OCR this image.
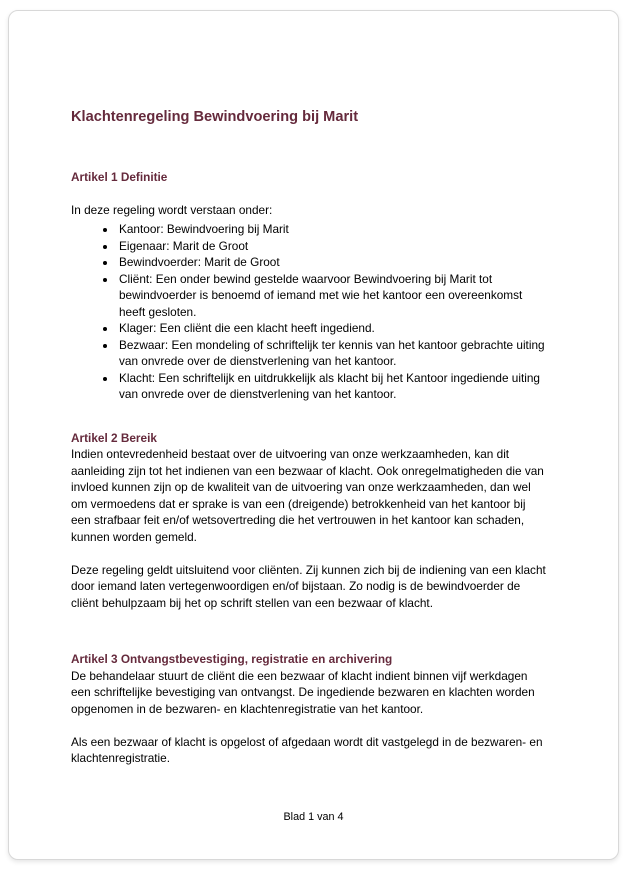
Klachtenregeling Bewindvoering bij Marit
Artikel 1 Definitie
In deze regeling wordt verstaan onder:
• Kantoor: Bewindvoering bij Marit
• Eigenaar: Marit de Groot
• Bewindvoerder: Marit de Groot
• Cliënt: Een onder bewind gestelde waarvoor Bewindvoering bij Marit tot bewindvoerder is benoemd of iemand met wie het kantoor een overeenkomst heeft gesloten.
• Klager: Een cliënt die een klacht heeft ingediend.
• Bezwaar: Een mondeling of schriftelijk ter kennis van het kantoor gebrachte uiting van onvrede over de dienstverlening van het kantoor.
• Klacht: Een schriftelijk en uitdrukkelijk als klacht bij het Kantoor ingediende uiting van onvrede over de dienstverlening van het kantoor.
Artikel 2 Bereik

Indien ontevredenheid bestaat over de uitvoering van onze werkzaamheden, kan dit aanleiding zijn tot het indienen van een bezwaar of klacht. Ook onregelmatigheden die van invloed kunnen zijn op de kwaliteit van de uitvoering van onze werkzaamheden, dan wel om vermoedens dat er sprake is van een (dreigende) betrokkenheid van het kantoor bij een strafbaar feit en/of wetsovertreding die het vertrouwen in het kantoor kan schaden, kunnen worden gemeld.

Deze regeling geldt uitsluitend voor cliënten. Zij kunnen zich bij de indiening van een klacht door iemand laten vertegenwoordigen en/of bijstaan. Zo nodig is de bewindvoerder de cliënt behulpzaam bij het op schrift stellen van een bezwaar of klacht.

Artikel 3 Ontvangstbevestiging, registratie en archivering

De behandelaar stuurt de cliënt die een bezwaar of klacht indient binnen vijf werkdagen een schriftelijke bevestiging van ontvangst. De ingediende bezwaren en klachten worden opgenomen in de bezwaren- en klachtenregistratie van het kantoor.

Als een bezwaar of klacht is opgelost of afgedaan wordt dit vastgelegd in de bezwaren- en klachtenregistratie.

Blad 1 van 4
